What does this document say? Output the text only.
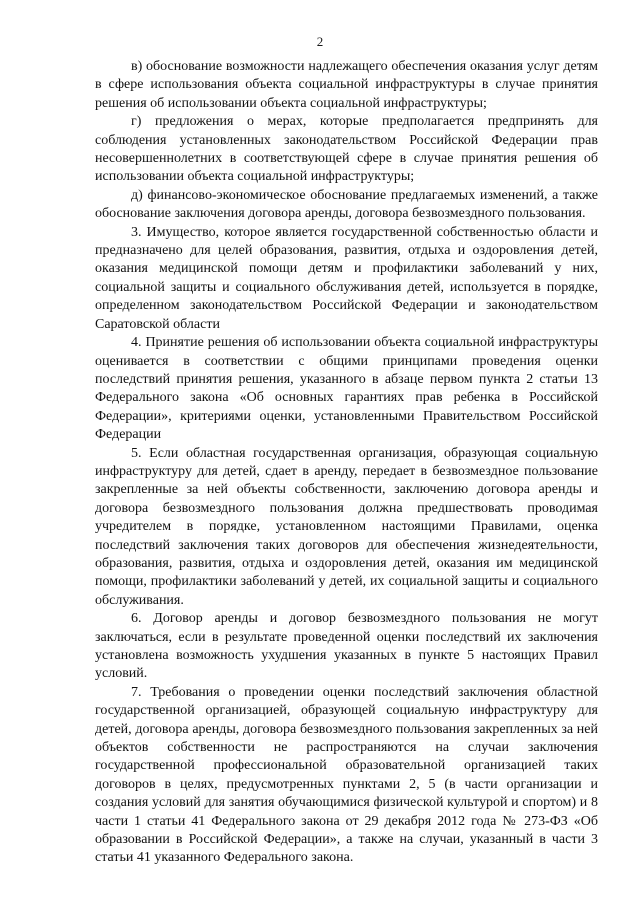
2

в) обоснование возможности надлежащего обеспечения оказания услуг детям в сфере использования объекта социальной инфраструктуры в случае принятия решения об использовании объекта социальной инфраструктуры;

г) предложения о мерах, которые предполагается предпринять для соблюдения установленных законодательством Российской Федерации прав несовершеннолетних в соответствующей сфере в случае принятия решения об использовании объекта социальной инфраструктуры;

д) финансово-экономическое обоснование предлагаемых изменений, а также обоснование заключения договора аренды, договора безвозмездного пользования.

3. Имущество, которое является государственной собственностью области и предназначено для целей образования, развития, отдыха и оздоровления детей, оказания медицинской помощи детям и профилактики заболеваний у них, социальной защиты и социального обслуживания детей, используется в порядке, определенном законодательством Российской Федерации и законодательством Саратовской области

4. Принятие решения об использовании объекта социальной инфраструктуры оценивается в соответствии с общими принципами проведения оценки последствий принятия решения, указанного в абзаце первом пункта 2 статьи 13 Федерального закона «Об основных гарантиях прав ребенка в Российской Федерации», критериями оценки, установленными Правительством Российской Федерации

5. Если областная государственная организация, образующая социальную инфраструктуру для детей, сдает в аренду, передает в безвозмездное пользование закрепленные за ней объекты собственности, заключению договора аренды и договора безвозмездного пользования должна предшествовать проводимая учредителем в порядке, установленном настоящими Правилами, оценка последствий заключения таких договоров для обеспечения жизнедеятельности, образования, развития, отдыха и оздоровления детей, оказания им медицинской помощи, профилактики заболеваний у детей, их социальной защиты и социального обслуживания.

6. Договор аренды и договор безвозмездного пользования не могут заключаться, если в результате проведенной оценки последствий их заключения установлена возможность ухудшения указанных в пункте 5 настоящих Правил условий.

7. Требования о проведении оценки последствий заключения областной государственной организацией, образующей социальную инфраструктуру для детей, договора аренды, договора безвозмездного пользования закрепленных за ней объектов собственности не распространяются на случаи заключения государственной профессиональной образовательной организацией таких договоров в целях, предусмотренных пунктами 2, 5 (в части организации и создания условий для занятия обучающимися физической культурой и спортом) и 8 части 1 статьи 41 Федерального закона от 29 декабря 2012 года № 273-ФЗ «Об образовании в Российской Федерации», а также на случаи, указанный в части 3 статьи 41 указанного Федерального закона.
